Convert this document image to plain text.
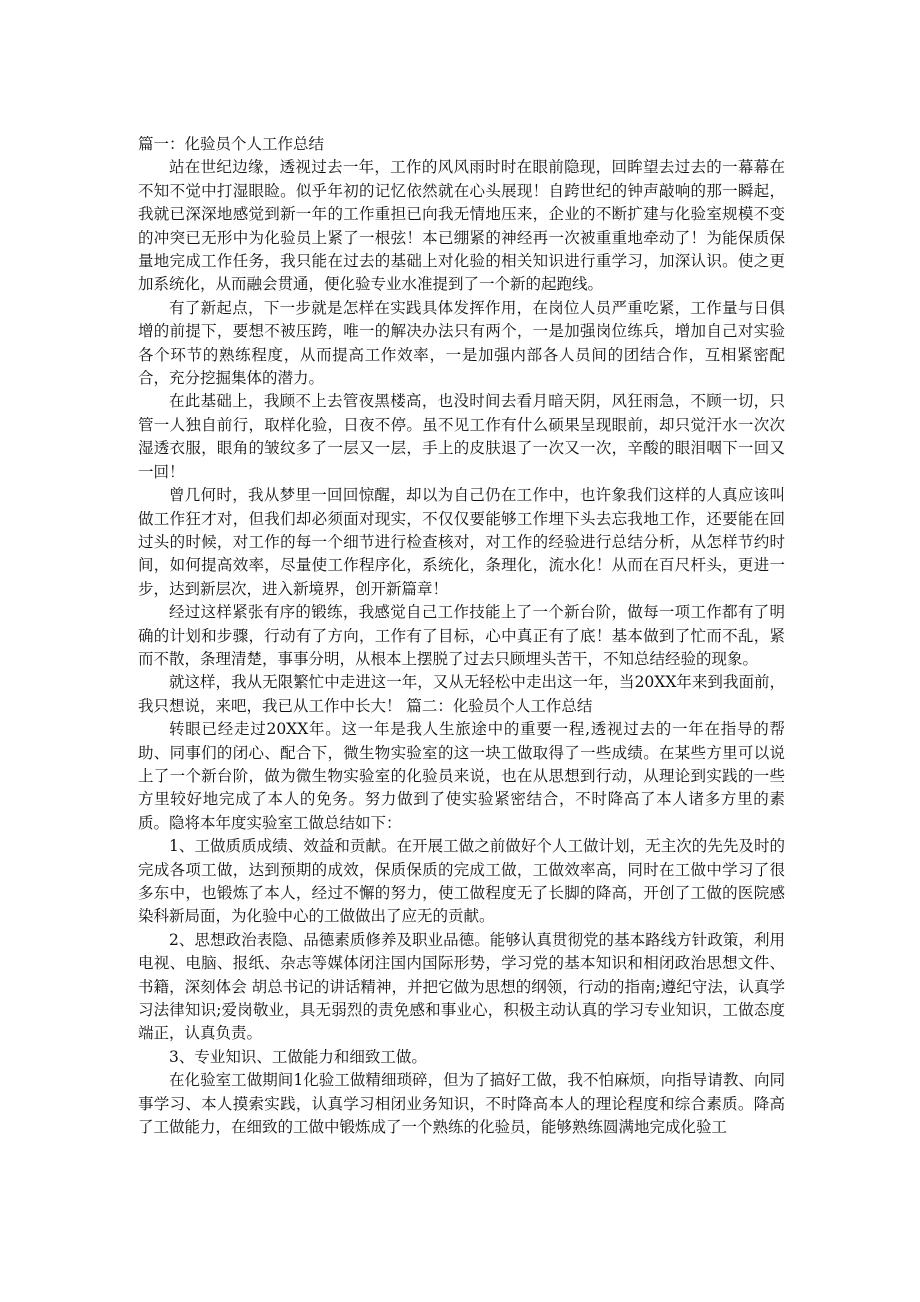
篇一：化验员个人工作总结

站在世纪边缘，透视过去一年，工作的风风雨时时在眼前隐现，回眸望去过去的一幕幕在不知不觉中打湿眼睑。似乎年初的记忆依然就在心头展现！自跨世纪的钟声敲响的那一瞬起，我就已深深地感觉到新一年的工作重担已向我无情地压来，企业的不断扩建与化验室规模不变的冲突已无形中为化验员上紧了一根弦！本已绷紧的神经再一次被重重地牵动了！为能保质保量地完成工作任务，我只能在过去的基础上对化验的相关知识进行重学习，加深认识。使之更加系统化，从而融会贯通，便化验专业水准提到了一个新的起跑线。

有了新起点，下一步就是怎样在实践具体发挥作用，在岗位人员严重吃紧，工作量与日俱增的前提下，要想不被压跨，唯一的解决办法只有两个，一是加强岗位练兵，增加自己对实验各个环节的熟练程度，从而提高工作效率，一是加强内部各人员间的团结合作，互相紧密配合，充分挖掘集体的潜力。

在此基础上，我顾不上去管夜黑楼高，也没时间去看月暗天阴，风狂雨急，不顾一切，只管一人独自前行，取样化验，日夜不停。虽不见工作有什么硕果呈现眼前，却只觉汗水一次次湿透衣服，眼角的皱纹多了一层又一层，手上的皮肤退了一次又一次，辛酸的眼泪咽下一回又一回！

曾几何时，我从梦里一回回惊醒，却以为自己仍在工作中，也许象我们这样的人真应该叫做工作狂才对，但我们却必须面对现实，不仅仅要能够工作埋下头去忘我地工作，还要能在回过头的时候，对工作的每一个细节进行检查核对，对工作的经验进行总结分析，从怎样节约时间，如何提高效率，尽量使工作程序化，系统化，条理化，流水化！从而在百尺杆头，更进一步，达到新层次，进入新境界，创开新篇章！

经过这样紧张有序的锻练，我感觉自己工作技能上了一个新台阶，做每一项工作都有了明确的计划和步骤，行动有了方向，工作有了目标，心中真正有了底！基本做到了忙而不乱，紧而不散，条理清楚，事事分明，从根本上摆脱了过去只顾埋头苦干，不知总结经验的现象。

就这样，我从无限繁忙中走进这一年，又从无轻松中走出这一年，当20XX年来到我面前，我只想说，来吧，我已从工作中长大！ 篇二：化验员个人工作总结

转眼已经走过20XX年。这一年是我人生旅途中的重要一程,透视过去的一年在指导的帮助、同事们的闭心、配合下，微生物实验室的这一块工做取得了一些成绩。在某些方里可以说上了一个新台阶，做为微生物实验室的化验员来说，也在从思想到行动，从理论到实践的一些方里较好地完成了本人的免务。努力做到了使实验紧密结合，不时降高了本人诸多方里的素质。隐将本年度实验室工做总结如下：

1、工做质质成绩、效益和贡献。在开展工做之前做好个人工做计划，无主次的先先及时的完成各项工做，达到预期的成效，保质保质的完成工做，工做效率高，同时在工做中学习了很多东中，也锻炼了本人，经过不懈的努力，使工做程度无了长脚的降高，开创了工做的医院感染科新局面，为化验中心的工做做出了应无的贡献。

2、思想政治表隐、品德素质修养及职业品德。能够认真贯彻党的基本路线方针政策，利用电视、电脑、报纸、杂志等媒体闭注国内国际形势，学习党的基本知识和相闭政治思想文件、书籍，深刻体会 胡总书记的讲话精神，并把它做为思想的纲领，行动的指南;遵纪守法，认真学习法律知识;爱岗敬业，具无弱烈的责免感和事业心，积极主动认真的学习专业知识，工做态度端正，认真负责。

3、专业知识、工做能力和细致工做。

在化验室工做期间1化验工做精细琐碎，但为了搞好工做，我不怕麻烦，向指导请教、向同事学习、本人摸索实践，认真学习相闭业务知识，不时降高本人的理论程度和综合素质。降高了工做能力，在细致的工做中锻炼成了一个熟练的化验员，能够熟练圆满地完成化验工
